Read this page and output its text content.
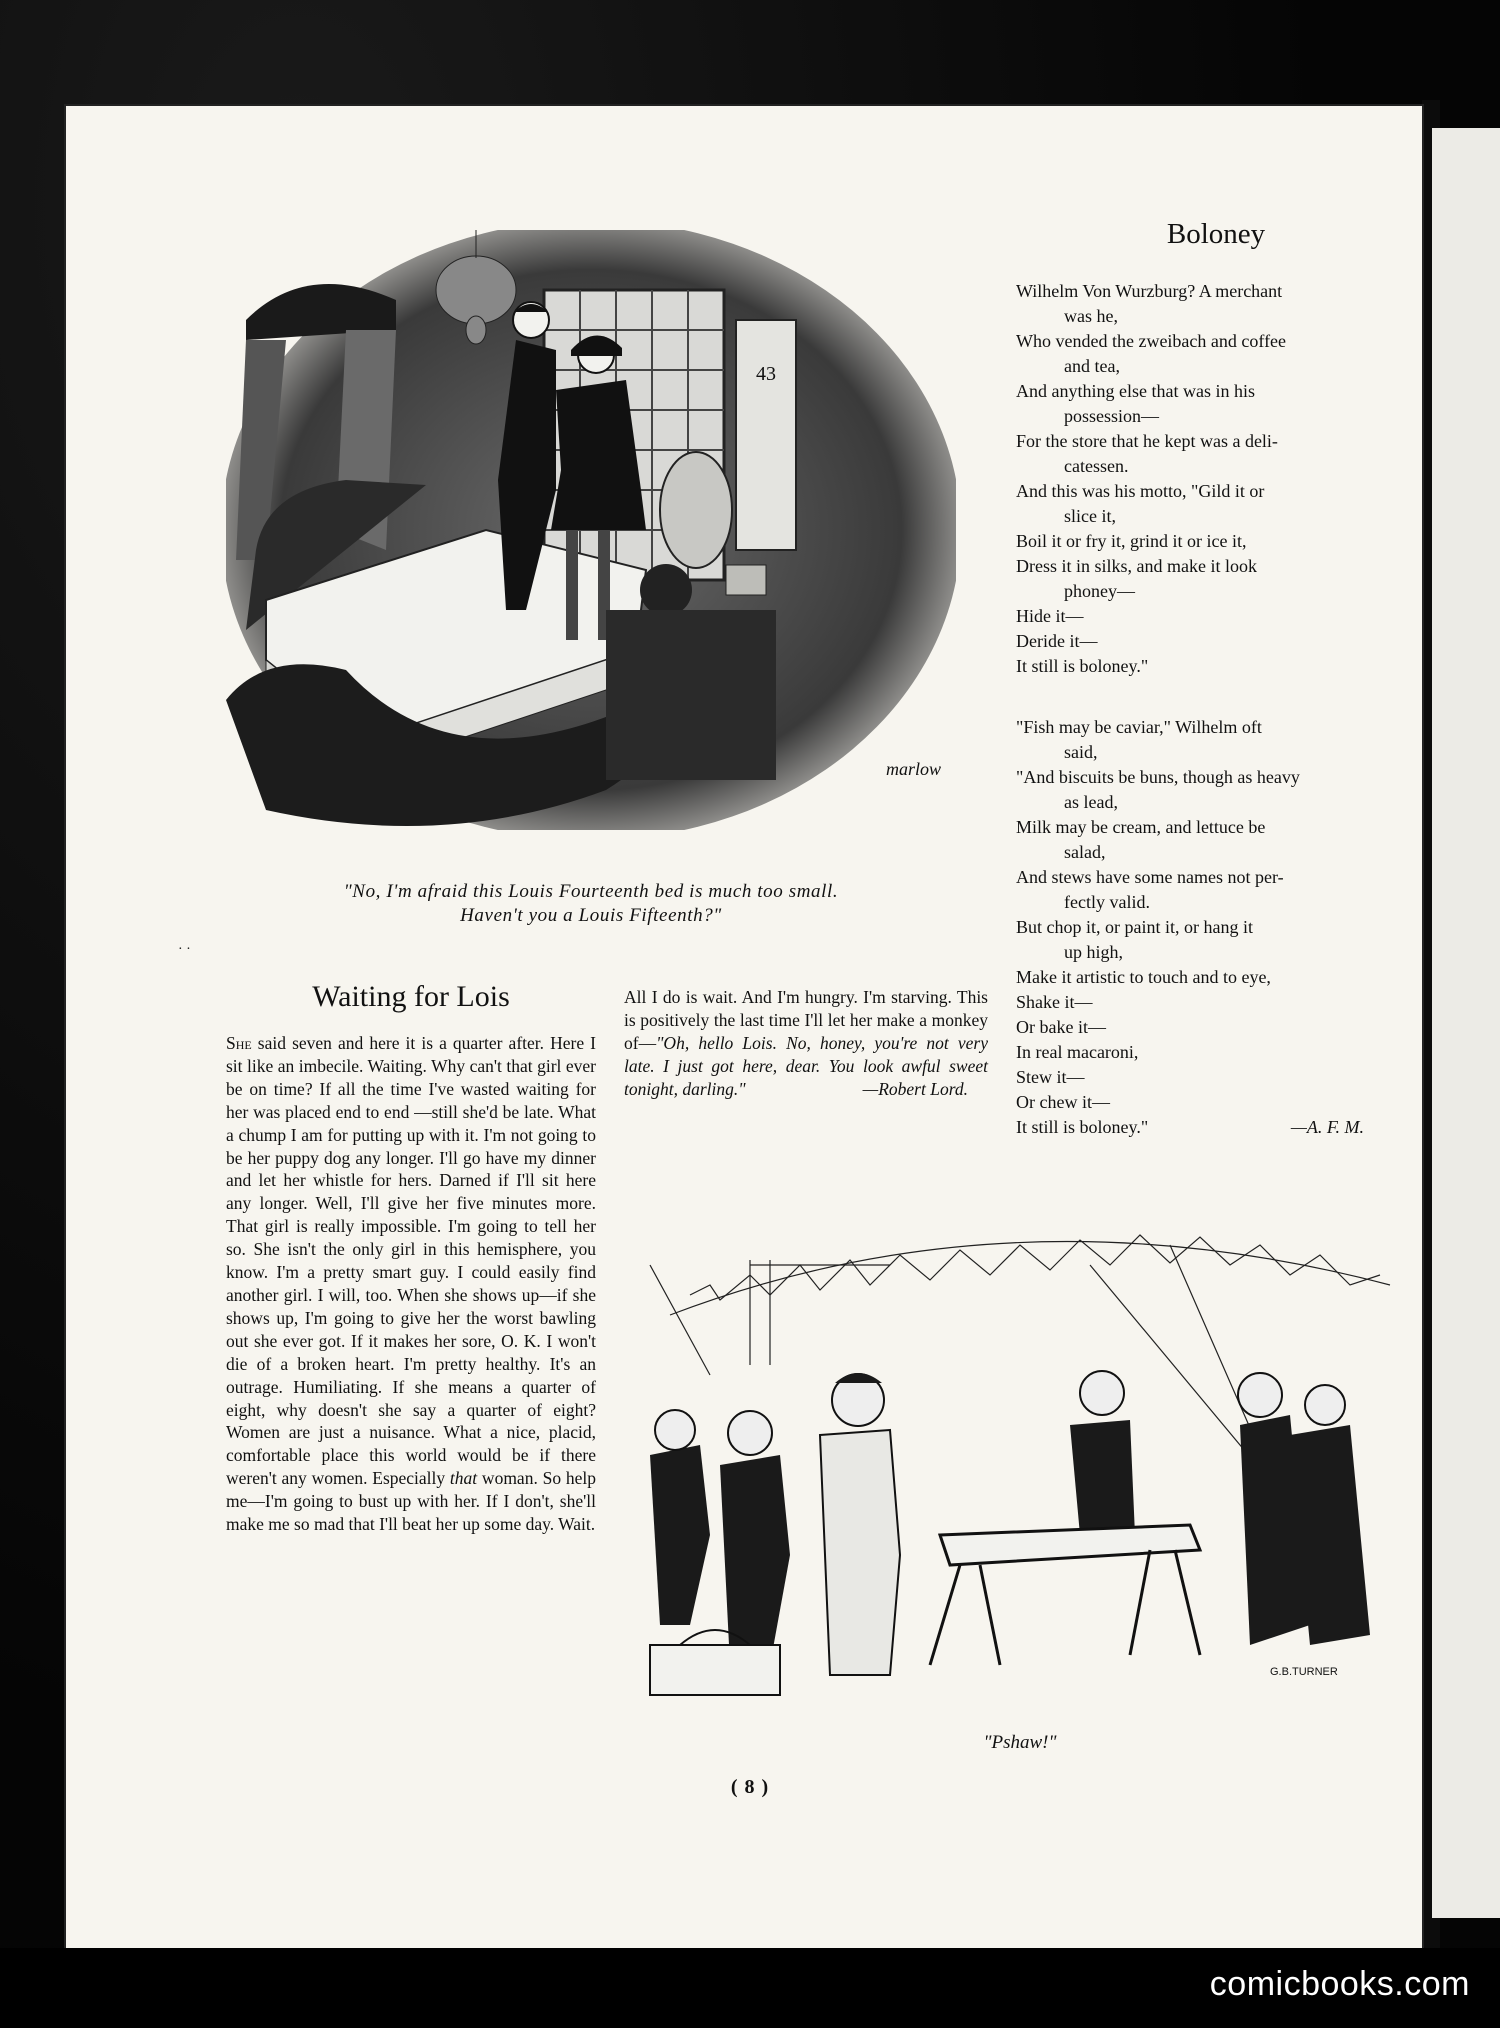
· ·
43
marlow
"No, I'm afraid this Louis Fourteenth bed is much too small.
Haven't you a Louis Fifteenth?"
Boloney
Wilhelm Von Wurzburg? A merchant
was he,
Who vended the zweibach and coffee
and tea,
And anything else that was in his
possession—
For the store that he kept was a deli-
catessen.
And this was his motto, "Gild it or
slice it,
Boil it or fry it, grind it or ice it,
Dress it in silks, and make it look
phoney—
Hide it—
Deride it—
It still is boloney."
"Fish may be caviar," Wilhelm oft
said,
"And biscuits be buns, though as heavy
as lead,
Milk may be cream, and lettuce be
salad,
And stews have some names not per-
fectly valid.
But chop it, or paint it, or hang it
up high,
Make it artistic to touch and to eye,
Shake it—
Or bake it—
In real macaroni,
Stew it—
Or chew it—
It still is boloney."	—A. F. M.
Waiting for Lois
She said seven and here it is a quarter after. Here I sit like an imbecile. Waiting. Why can't that girl ever be on time? If all the time I've wasted waiting for her was placed end to end —still she'd be late. What a chump I am for putting up with it. I'm not going to be her puppy dog any longer. I'll go have my dinner and let her whistle for hers. Darned if I'll sit here any longer. Well, I'll give her five minutes more. That girl is really impossible. I'm going to tell her so. She isn't the only girl in this hemisphere, you know. I'm a pretty smart guy. I could easily find another girl. I will, too. When she shows up—if she shows up, I'm going to give her the worst bawling out she ever got. If it makes her sore, O. K. I won't die of a broken heart. I'm pretty healthy. It's an outrage. Humiliating. If she means a quarter of eight, why doesn't she say a quarter of eight? Women are just a nuisance. What a nice, placid, comfortable place this world would be if there weren't any women. Especially that woman. So help me—I'm going to bust up with her. If I don't, she'll make me so mad that I'll beat her up some day. Wait.
All I do is wait. And I'm hungry. I'm starving. This is positively the last time I'll let her make a monkey of—"Oh, hello Lois. No, honey, you're not very late. I just got here, dear. You look awful sweet tonight, darling."	—Robert Lord.
G.B.TURNER
"Pshaw!"
( 8 )
comicbooks.com
